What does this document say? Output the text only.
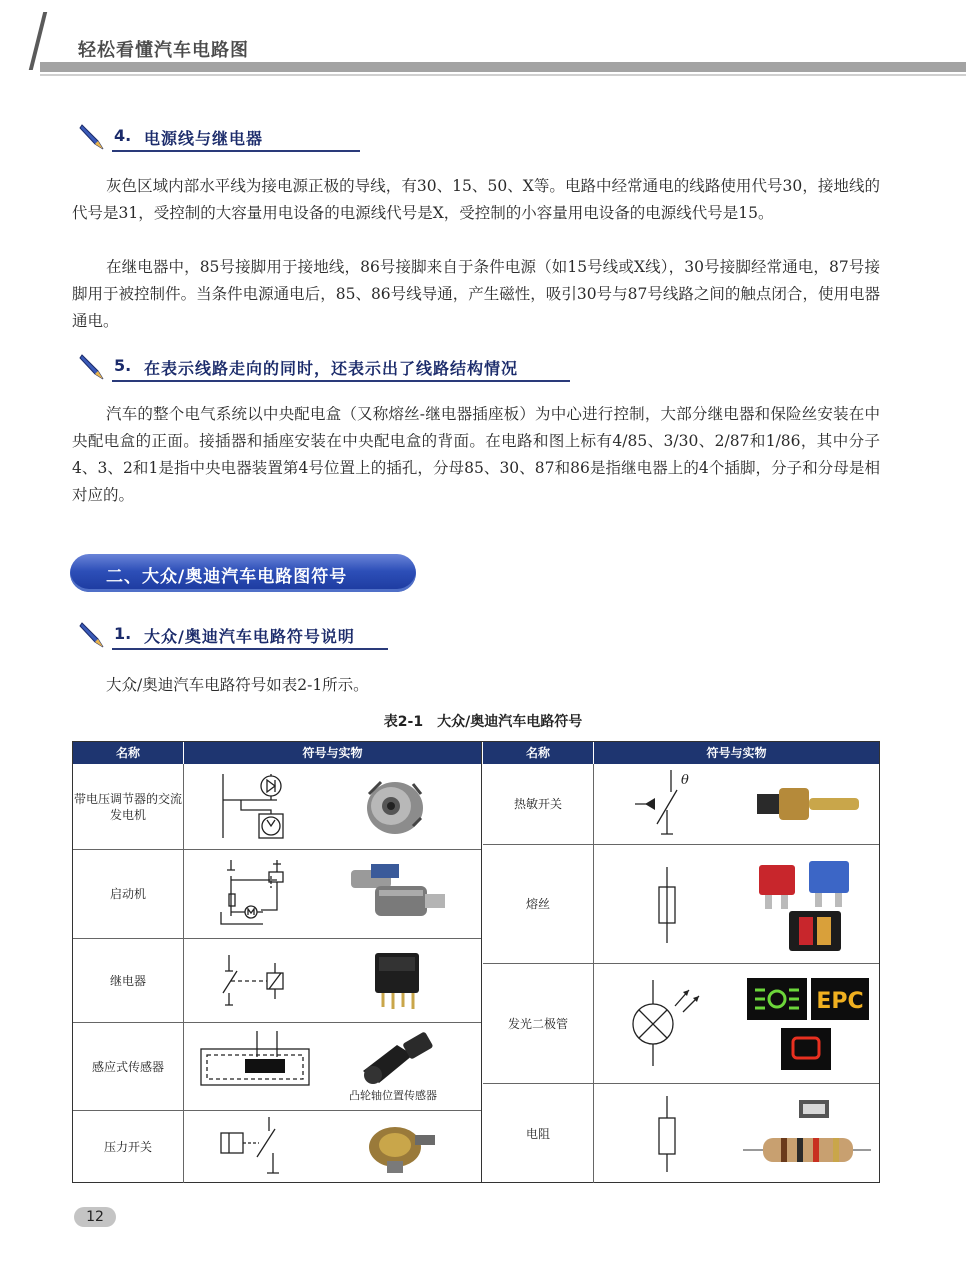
轻松看懂汽车电路图
4. 电源线与继电器

灰色区域内部水平线为接电源正极的导线，有30、15、50、X等。电路中经常通电的线路使用代号30，接地线的代号是31，受控制的大容量用电设备的电源线代号是X，受控制的小容量用电设备的电源线代号是15。

在继电器中，85号接脚用于接地线，86号接脚来自于条件电源（如15号线或X线），30号接脚经常通电，87号接脚用于被控制件。当条件电源通电后，85、86号线导通，产生磁性，吸引30号与87号线路之间的触点闭合，使用电器通电。

5. 在表示线路走向的同时，还表示出了线路结构情况

汽车的整个电气系统以中央配电盒（又称熔丝-继电器插座板）为中心进行控制，大部分继电器和保险丝安装在中央配电盒的正面。接插器和插座安装在中央配电盒的背面。在电路和图上标有4/85、3/30、2/87和1/86，其中分子4、3、2和1是指中央电器装置第4号位置上的插孔，分母85、30、87和86是指继电器上的4个插脚，分子和分母是相对应的。

二、大众/奥迪汽车电路图符号
1. 大众/奥迪汽车电路符号说明

大众/奥迪汽车电路符号如表2-1所示。

表2-1　大众/奥迪汽车电路符号
名称	符号与实物
带电压调节器的交流发电机
启动机
继电器
感应式传感器
凸轮轴位置传感器
压力开关
名称	符号与实物
热敏开关
θ
熔丝
发光二极管
EPC
电阻
12
